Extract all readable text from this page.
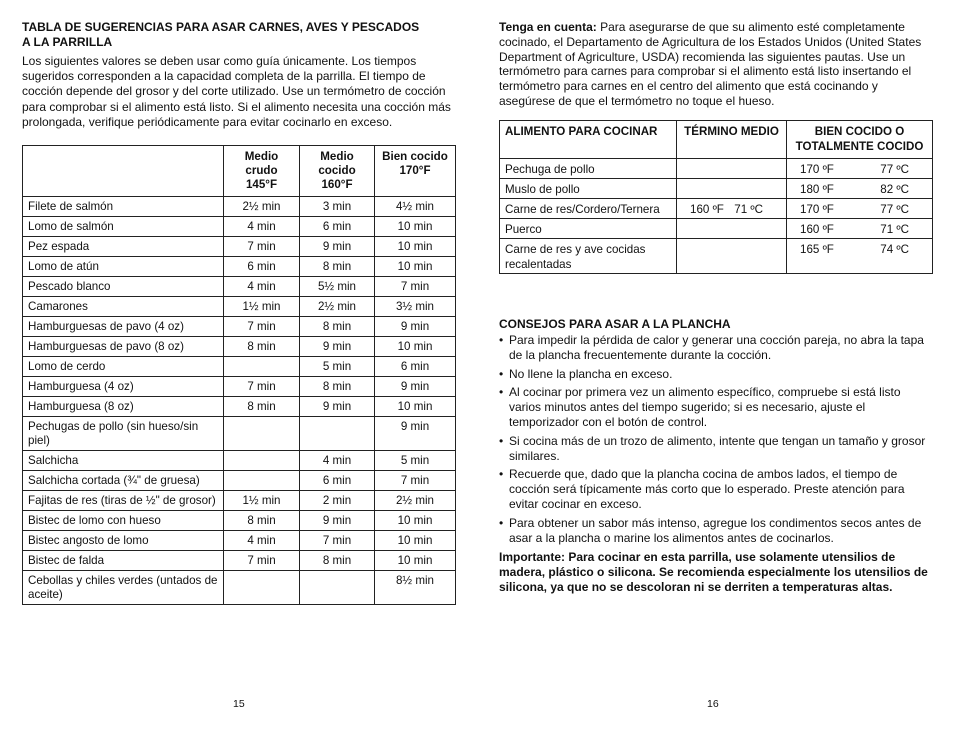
TABLA DE SUGERENCIAS PARA ASAR CARNES, AVES Y PESCADOS
A LA PARRILLA

Los siguientes valores se deben usar como guía únicamente. Los tiempos sugeridos corresponden a la capacidad completa de la parrilla. El tiempo de cocción depende del grosor y del corte utilizado. Use un termómetro de cocción para comprobar si el alimento está listo. Si el alimento necesita una cocción más prolongada, verifique periódicamente para evitar cocinarlo en exceso.

	Medio crudo 145°F	Medio cocido 160°F	Bien cocido 170°F
Filete de salmón	2½ min	3 min	4½ min
Lomo de salmón	4 min	6 min	10 min
Pez espada	7 min	9 min	10 min
Lomo de atún	6 min	8 min	10 min
Pescado blanco	4 min	5½ min	7 min
Camarones	1½ min	2½ min	3½ min
Hamburguesas de pavo (4 oz)	7 min	8 min	9 min
Hamburguesas de pavo (8 oz)	8 min	9 min	10 min
Lomo de cerdo		5 min	6 min
Hamburguesa (4 oz)	7 min	8 min	9 min
Hamburguesa (8 oz)	8 min	9 min	10 min
Pechugas de pollo (sin hueso/sin piel)			9 min
Salchicha		4 min	5 min
Salchicha cortada (¾" de gruesa)		6 min	7 min
Fajitas de res (tiras de ½" de grosor)	1½ min	2 min	2½ min
Bistec de lomo con hueso	8 min	9 min	10 min
Bistec angosto de lomo	4 min	7 min	10 min
Bistec de falda	7 min	8 min	10 min
Cebollas y chiles verdes (untados de aceite)			8½ min
15

Tenga en cuenta: Para asegurarse de que su alimento esté completamente cocinado, el Departamento de Agricultura de los Estados Unidos (United States Department of Agriculture, USDA) recomienda las siguientes pautas. Use un termómetro para carnes para comprobar si el alimento está listo insertando el termómetro para carnes en el centro del alimento que está cocinando y asegúrese de que el termómetro no toque el hueso.

ALIMENTO PARA COCINAR	TÉRMINO MEDIO	BIEN COCIDO O TOTALMENTE COCIDO
Pechuga de pollo		170 ºF 77 ºC

Muslo de pollo		180 ºF 82 ºC

Carne de res/Cordero/Ternera	160 ºF 71 ºC	170 ºF 77 ºC

Puerco		160 ºF 71 ºC

Carne de res y ave cocidas recalentadas		165 ºF 74 ºC
CONSEJOS PARA ASAR A LA PLANCHA
• Para impedir la pérdida de calor y generar una cocción pareja, no abra la tapa de la plancha frecuentemente durante la cocción.
• No llene la plancha en exceso.
• Al cocinar por primera vez un alimento específico, compruebe si está listo varios minutos antes del tiempo sugerido; si es necesario, ajuste el temporizador con el botón de control.
• Si cocina más de un trozo de alimento, intente que tengan un tamaño y grosor similares.
• Recuerde que, dado que la plancha cocina de ambos lados, el tiempo de cocción será típicamente más corto que lo esperado. Preste atención para evitar cocinar en exceso.
• Para obtener un sabor más intenso, agregue los condimentos secos antes de asar a la plancha o marine los alimentos antes de cocinarlos.

Importante: Para cocinar en esta parrilla, use solamente utensilios de madera, plástico o silicona. Se recomienda especialmente los utensilios de silicona, ya que no se descoloran ni se derriten a temperaturas altas.

16
